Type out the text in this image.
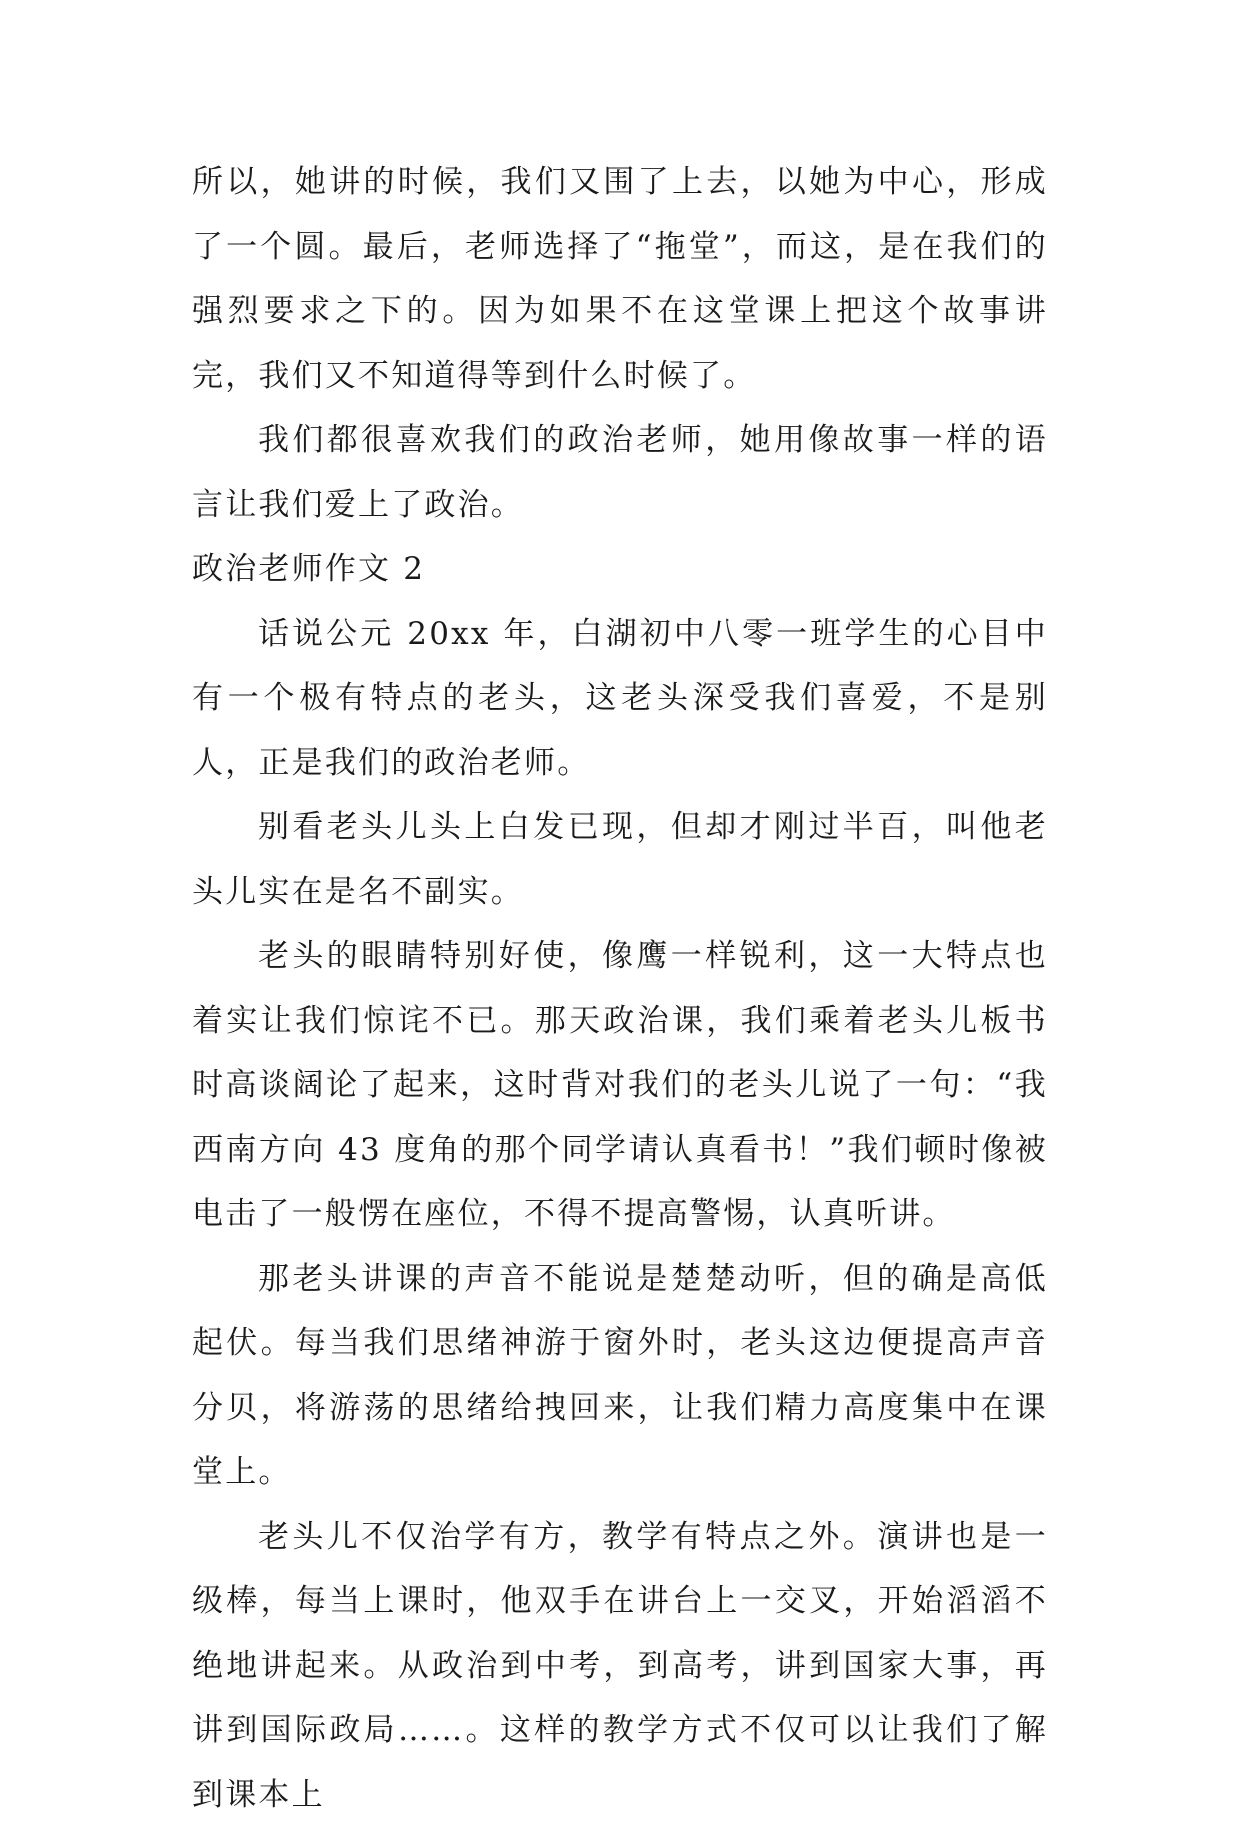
所以，她讲的时候，我们又围了上去，以她为中心，形成了一个圆。最后，老师选择了“拖堂”，而这，是在我们的强烈要求之下的。因为如果不在这堂课上把这个故事讲完，我们又不知道得等到什么时候了。

我们都很喜欢我们的政治老师，她用像故事一样的语言让我们爱上了政治。

政治老师作文 2

话说公元 20xx 年，白湖初中八零一班学生的心目中有一个极有特点的老头，这老头深受我们喜爱，不是别人，正是我们的政治老师。

别看老头儿头上白发已现，但却才刚过半百，叫他老头儿实在是名不副实。

老头的眼睛特别好使，像鹰一样锐利，这一大特点也着实让我们惊诧不已。那天政治课，我们乘着老头儿板书时高谈阔论了起来，这时背对我们的老头儿说了一句：“我西南方向 43 度角的那个同学请认真看书！”我们顿时像被电击了一般愣在座位，不得不提高警惕，认真听讲。

那老头讲课的声音不能说是楚楚动听，但的确是高低起伏。每当我们思绪神游于窗外时，老头这边便提高声音分贝，将游荡的思绪给拽回来，让我们精力高度集中在课堂上。

老头儿不仅治学有方，教学有特点之外。演讲也是一级棒，每当上课时，他双手在讲台上一交叉，开始滔滔不绝地讲起来。从政治到中考，到高考，讲到国家大事，再讲到国际政局……。这样的教学方式不仅可以让我们了解到课本上
